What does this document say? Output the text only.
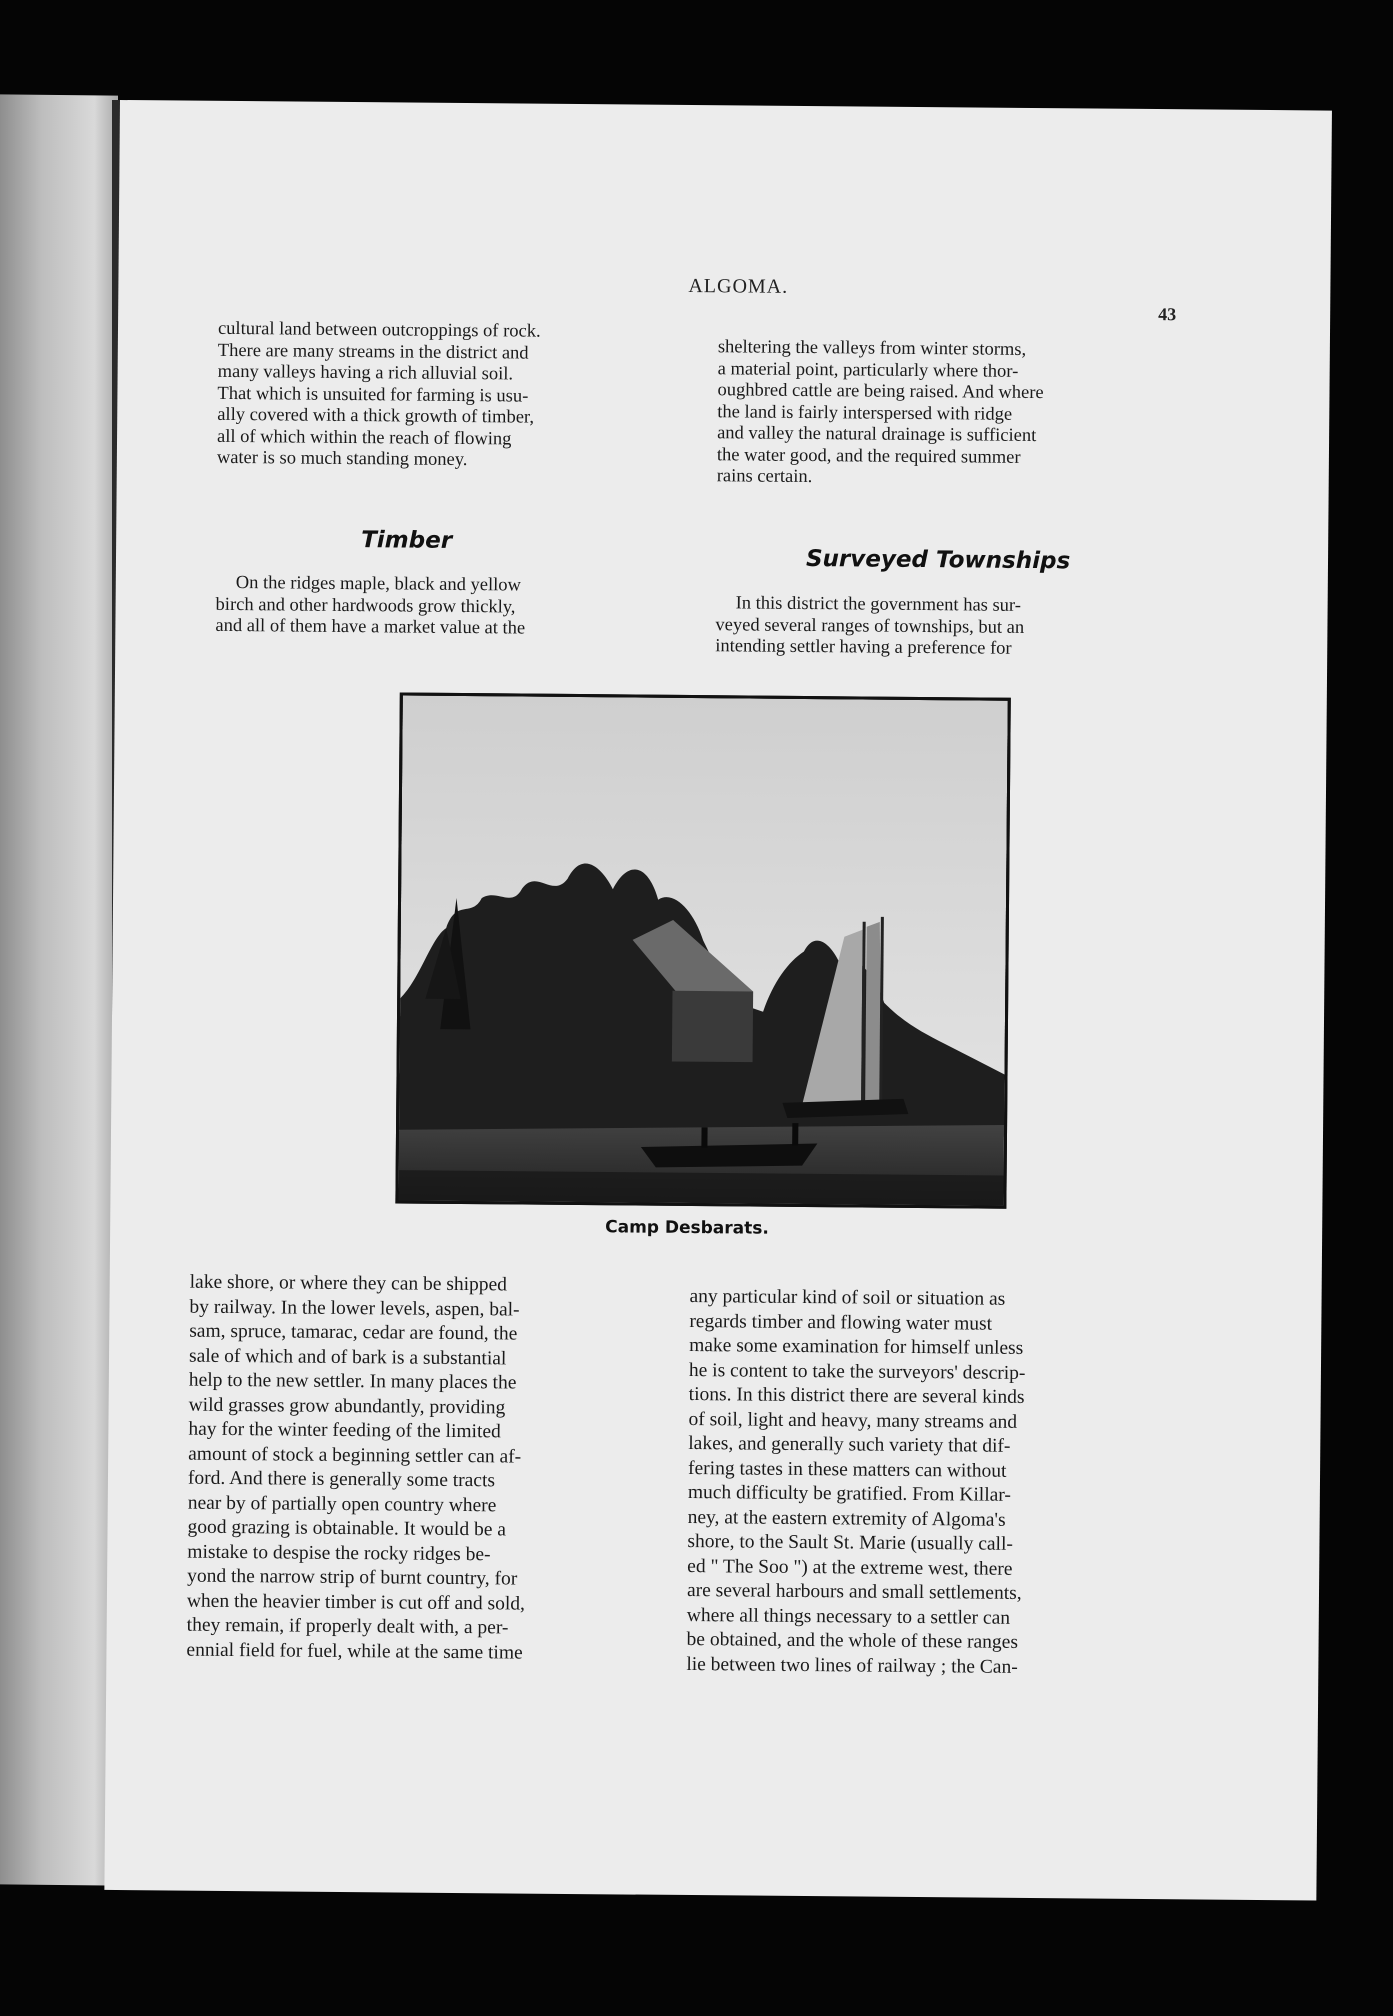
ALGOMA.
43
cultural land between outcroppings of rock.
There are many streams in the district and
many valleys having a rich alluvial soil.
That which is unsuited for farming is usu-
ally covered with a thick growth of timber,
all of which within the reach of flowing
water is so much standing money.
Timber
On the ridges maple, black and yellow
birch and other hardwoods grow thickly,
and all of them have a market value at the
sheltering the valleys from winter storms,
a material point, particularly where thor-
oughbred cattle are being raised. And where
the land is fairly interspersed with ridge
and valley the natural drainage is sufficient
the water good, and the required summer
rains certain.
Surveyed Townships
In this district the government has sur-
veyed several ranges of townships, but an
intending settler having a preference for
Camp Desbarats.
lake shore, or where they can be shipped
by railway. In the lower levels, aspen, bal-
sam, spruce, tamarac, cedar are found, the
sale of which and of bark is a substantial
help to the new settler. In many places the
wild grasses grow abundantly, providing
hay for the winter feeding of the limited
amount of stock a beginning settler can af-
ford. And there is generally some tracts
near by of partially open country where
good grazing is obtainable. It would be a
mistake to despise the rocky ridges be-
yond the narrow strip of burnt country, for
when the heavier timber is cut off and sold,
they remain, if properly dealt with, a per-
ennial field for fuel, while at the same time
any particular kind of soil or situation as
regards timber and flowing water must
make some examination for himself unless
he is content to take the surveyors' descrip-
tions. In this district there are several kinds
of soil, light and heavy, many streams and
lakes, and generally such variety that dif-
fering tastes in these matters can without
much difficulty be gratified. From Killar-
ney, at the eastern extremity of Algoma's
shore, to the Sault St. Marie (usually call-
ed " The Soo ") at the extreme west, there
are several harbours and small settlements,
where all things necessary to a settler can
be obtained, and the whole of these ranges
lie between two lines of railway ; the Can-
